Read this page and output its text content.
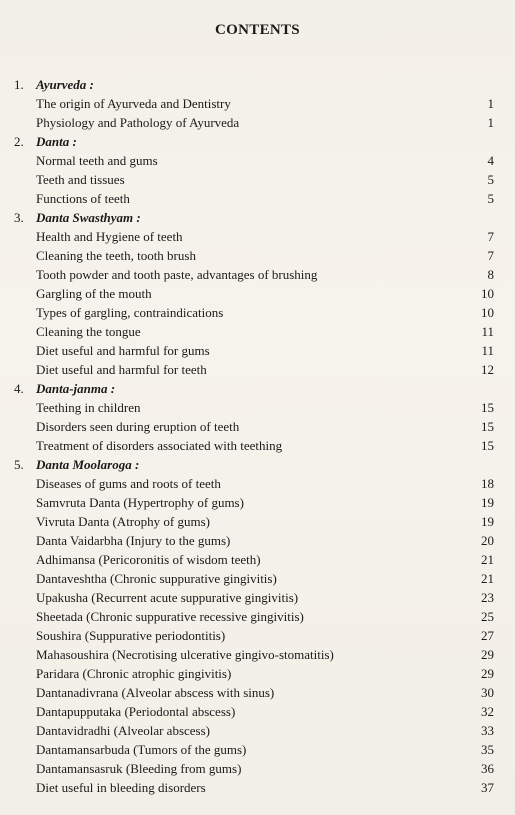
CONTENTS
1. Ayurveda :
The origin of Ayurveda and Dentistry	1
Physiology and Pathology of Ayurveda	1
2. Danta :
Normal teeth and gums	4
Teeth and tissues	5
Functions of teeth	5
3. Danta Swasthyam :
Health and Hygiene of teeth	7
Cleaning the teeth, tooth brush	7
Tooth powder and tooth paste, advantages of brushing	8
Gargling of the mouth	10
Types of gargling, contraindications	10
Cleaning the tongue	11
Diet useful and harmful for gums	11
Diet useful and harmful for teeth	12
4. Danta-janma :
Teething in children	15
Disorders seen during eruption of teeth	15
Treatment of disorders associated with teething	15
5. Danta Moolaroga :
Diseases of gums and roots of teeth	18
Samvruta Danta (Hypertrophy of gums)	19
Vivruta Danta (Atrophy of gums)	19
Danta Vaidarbha (Injury to the gums)	20
Adhimansa (Pericoronitis of wisdom teeth)	21
Dantaveshtha (Chronic suppurative gingivitis)	21
Upakusha (Recurrent acute suppurative gingivitis)	23
Sheetada (Chronic suppurative recessive gingivitis)	25
Soushira (Suppurative periodontitis)	27
Mahasoushira (Necrotising ulcerative gingivo-stomatitis)	29
Paridara (Chronic atrophic gingivitis)	29
Dantanadivrana (Alveolar abscess with sinus)	30
Dantapupputaka (Periodontal abscess)	32
Dantavidradhi (Alveolar abscess)	33
Dantamansarbuda (Tumors of the gums)	35
Dantamansasruk (Bleeding from gums)	36
Diet useful in bleeding disorders	37
